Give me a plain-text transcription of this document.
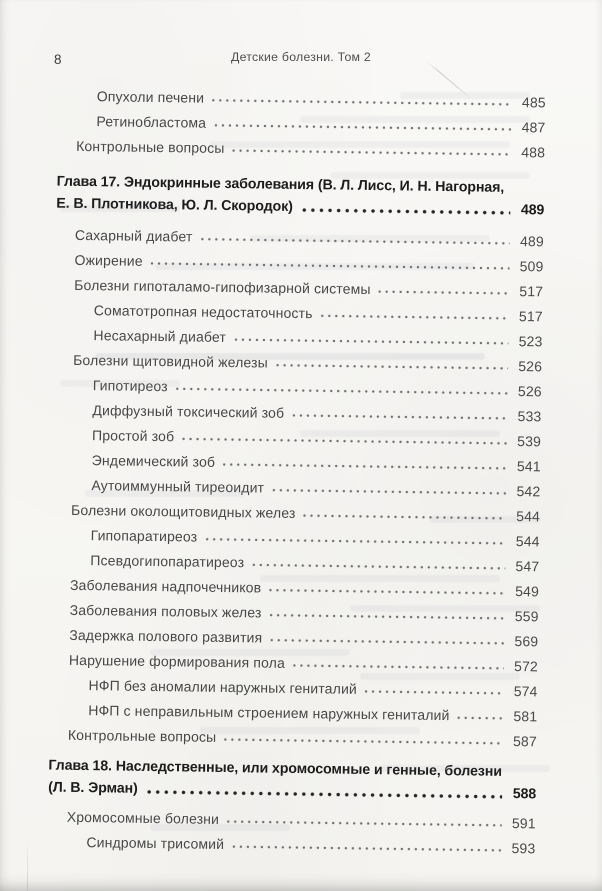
8	Детские болезни. Том 2
Опухоли печени	485
Ретинобластома	487
Контрольные вопросы	488
Глава 17. Эндокринные заболевания (В. Л. Лисс, И. Н. Нагорная,
Е. В. Плотникова, Ю. Л. Скородок)	489
Сахарный диабет	489
Ожирение	509
Болезни гипоталамо-гипофизарной системы	517
Соматотропная недостаточность	517
Несахарный диабет	523
Болезни щитовидной железы	526
Гипотиреоз	526
Диффузный токсический зоб	533
Простой зоб	539
Эндемический зоб	541
Аутоиммунный тиреоидит	542
Болезни околощитовидных желез	544
Гипопаратиреоз	544
Псевдогипопаратиреоз	547
Заболевания надпочечников	549
Заболевания половых желез	559
Задержка полового развития	569
Нарушение формирования пола	572
НФП без аномалии наружных гениталий	574
НФП с неправильным строением наружных гениталий	581
Контрольные вопросы	587
Глава 18. Наследственные, или хромосомные и генные, болезни
(Л. В. Эрман)	588
Хромосомные болезни	591
Синдромы трисомий	593
